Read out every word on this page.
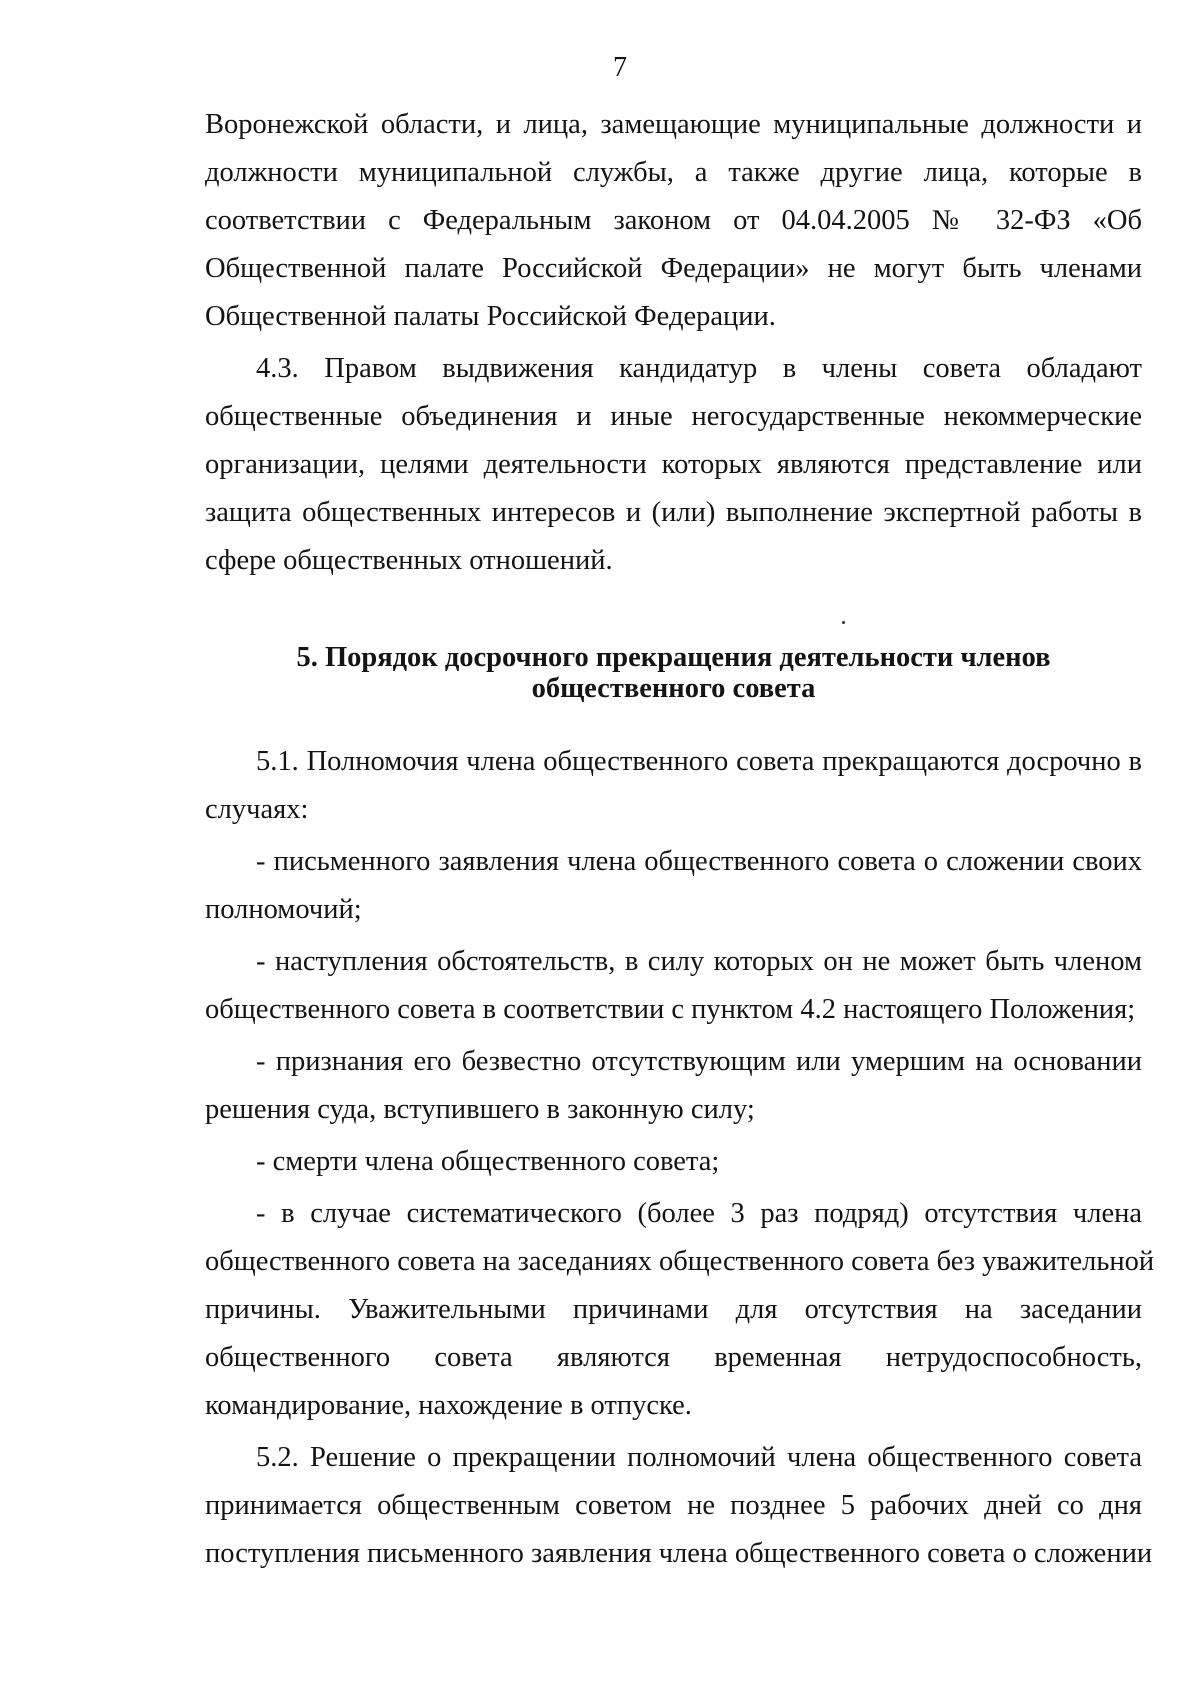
7
Воронежской области, и лица, замещающие муниципальные должности и
должности муниципальной службы, а также другие лица, которые в
соответствии с Федеральным законом от 04.04.2005 № 32-ФЗ «Об
Общественной палате Российской Федерации» не могут быть членами
Общественной палаты Российской Федерации.
4.3. Правом выдвижения кандидатур в члены совета обладают
общественные объединения и иные негосударственные некоммерческие
организации, целями деятельности которых являются представление или
защита общественных интересов и (или) выполнение экспертной работы в
сфере общественных отношений.
5. Порядок досрочного прекращения деятельности членов
общественного совета
5.1. Полномочия члена общественного совета прекращаются досрочно в
случаях:
- письменного заявления члена общественного совета о сложении своих
полномочий;
- наступления обстоятельств, в силу которых он не может быть членом
общественного совета в соответствии с пунктом 4.2 настоящего Положения;
- признания его безвестно отсутствующим или умершим на основании
решения суда, вступившего в законную силу;
- смерти члена общественного совета;
- в случае систематического (более 3 раз подряд) отсутствия члена
общественного совета на заседаниях общественного совета без уважительной
причины. Уважительными причинами для отсутствия на заседании
общественного совета являются временная нетрудоспособность,
командирование, нахождение в отпуске.
5.2. Решение о прекращении полномочий члена общественного совета
принимается общественным советом не позднее 5 рабочих дней со дня
поступления письменного заявления члена общественного совета о сложении
